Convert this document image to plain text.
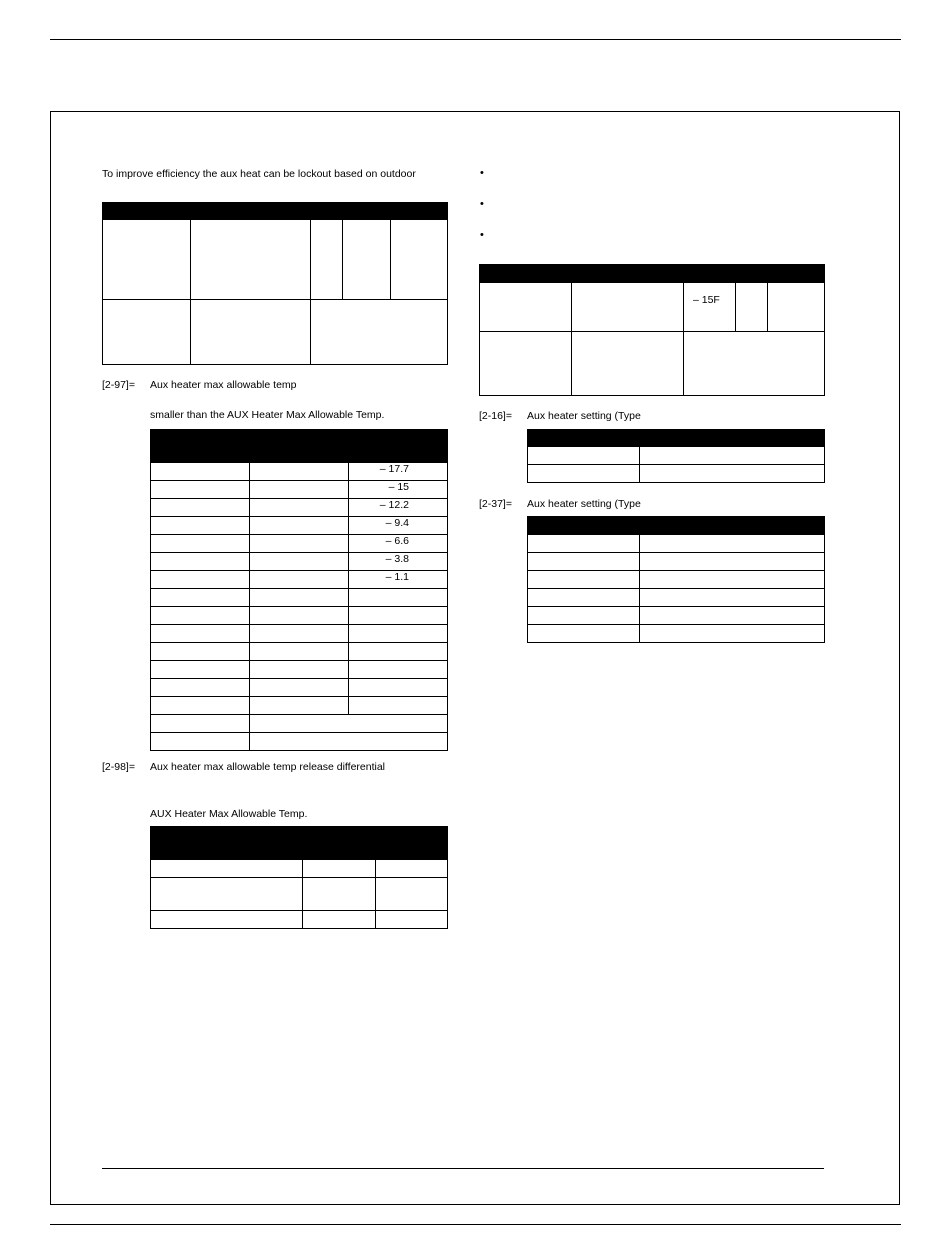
To improve efficiency the aux heat can be lockout based on outdoor

[2-97]= Aux heater max allowable temp
smaller than the AUX Heater Max Allowable Temp.

		– 17.7
		– 15
		– 12.2
		– 9.4
		– 6.6
		– 3.8
		– 1.1

[2-98]= Aux heater max allowable temp release differential
AUX Heater Max Allowable Temp.

•
•
•

		– 15F		

[2-16]= Aux heater setting (Type

[2-37]= Aux heater setting (Type
